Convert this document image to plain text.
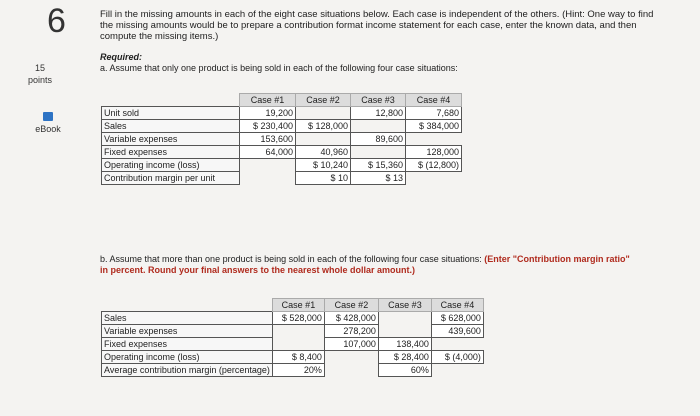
6
15
points
eBook
Fill in the missing amounts in each of the eight case situations below. Each case is independent of the others. (Hint: One way to find the missing amounts would be to prepare a contribution format income statement for each case, enter the known data, and then compute the missing items.)
Required:
a. Assume that only one product is being sold in each of the following four case situations:
	Case #1	Case #2	Case #3	Case #4
Unit sold	19,200		12,800	7,680
Sales	$ 230,400	$ 128,000		$ 384,000
Variable expenses	153,600		89,600	
Fixed expenses	64,000	40,960		128,000
Operating income (loss)		$ 10,240	$ 15,360	$ (12,800)
Contribution margin per unit		$ 10	$ 13	
b. Assume that more than one product is being sold in each of the following four case situations: (Enter "Contribution margin ratio" in percent. Round your final answers to the nearest whole dollar amount.)
	Case #1	Case #2	Case #3	Case #4
Sales	$ 528,000	$ 428,000		$ 628,000
Variable expenses		278,200		439,600
Fixed expenses		107,000	138,400	
Operating income (loss)	$ 8,400		$ 28,400	$ (4,000)
Average contribution margin (percentage)	20%		60%	
